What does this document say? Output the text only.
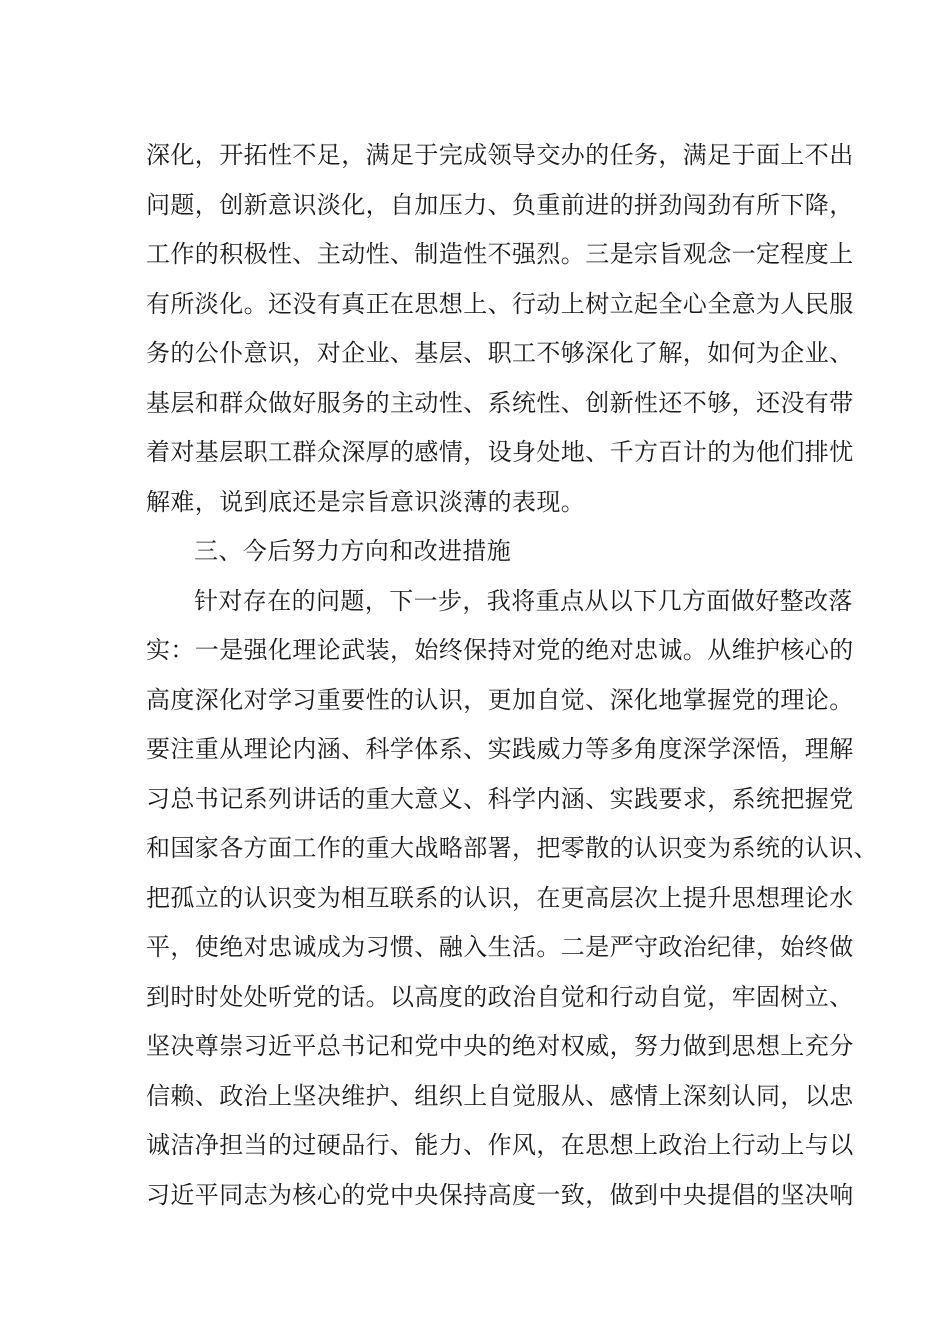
深化，开拓性不足，满足于完成领导交办的任务，满足于面上不出

问题，创新意识淡化，自加压力、负重前进的拼劲闯劲有所下降，

工作的积极性、主动性、制造性不强烈。三是宗旨观念一定程度上

有所淡化。还没有真正在思想上、行动上树立起全心全意为人民服

务的公仆意识，对企业、基层、职工不够深化了解，如何为企业、

基层和群众做好服务的主动性、系统性、创新性还不够，还没有带

着对基层职工群众深厚的感情，设身处地、千方百计的为他们排忧

解难，说到底还是宗旨意识淡薄的表现。

三、今后努力方向和改进措施

针对存在的问题，下一步，我将重点从以下几方面做好整改落

实：一是强化理论武装，始终保持对党的绝对忠诚。从维护核心的

高度深化对学习重要性的认识，更加自觉、深化地掌握党的理论。

要注重从理论内涵、科学体系、实践威力等多角度深学深悟，理解

习总书记系列讲话的重大意义、科学内涵、实践要求，系统把握党

和国家各方面工作的重大战略部署，把零散的认识变为系统的认识、

把孤立的认识变为相互联系的认识，在更高层次上提升思想理论水

平，使绝对忠诚成为习惯、融入生活。二是严守政治纪律，始终做

到时时处处听党的话。以高度的政治自觉和行动自觉，牢固树立、

坚决尊崇习近平总书记和党中央的绝对权威，努力做到思想上充分

信赖、政治上坚决维护、组织上自觉服从、感情上深刻认同，以忠

诚洁净担当的过硬品行、能力、作风，在思想上政治上行动上与以

习近平同志为核心的党中央保持高度一致，做到中央提倡的坚决响
